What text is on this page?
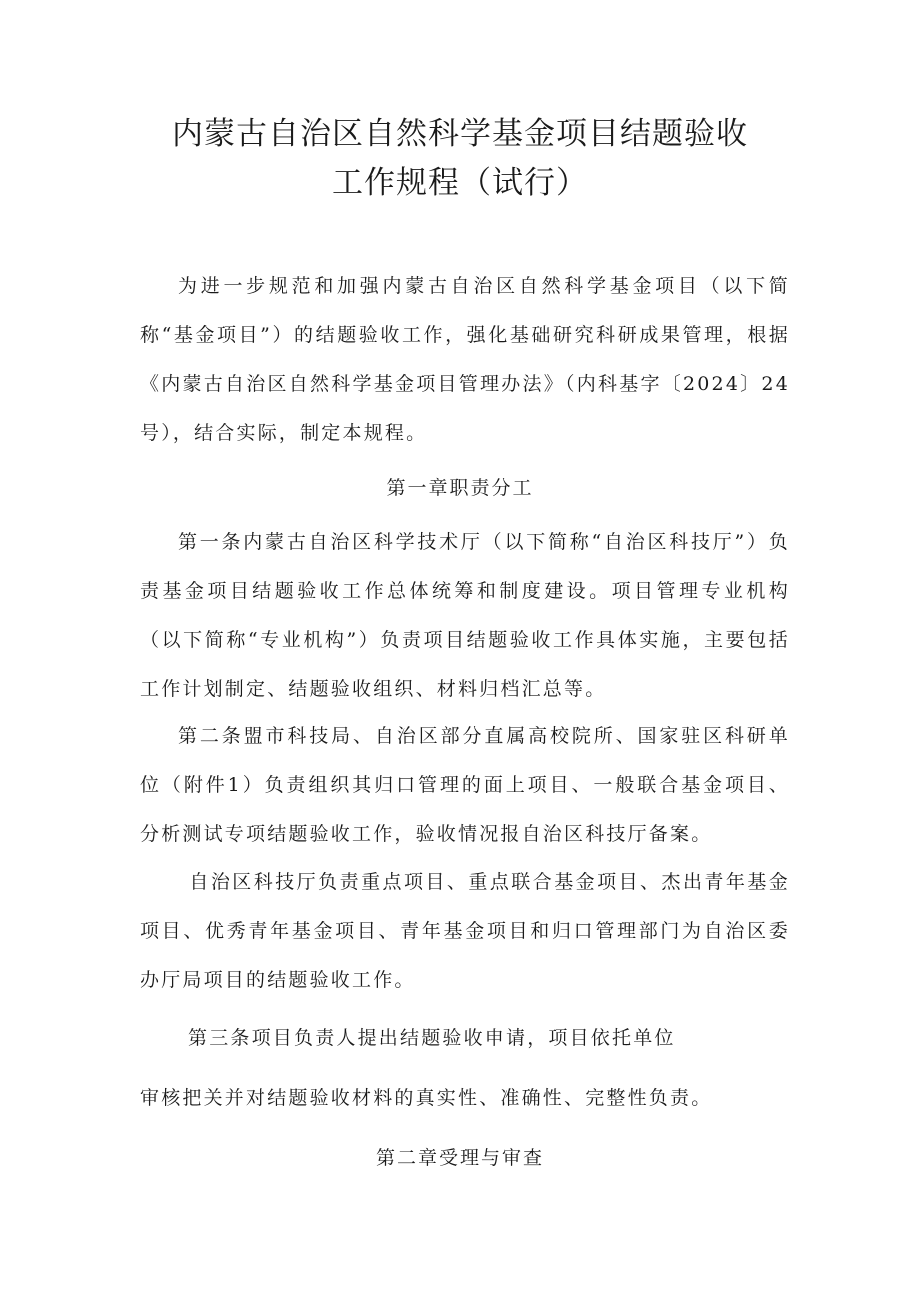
内蒙古自治区自然科学基金项目结题验收
工作规程（试行）

为进一步规范和加强内蒙古自治区自然科学基金项目（以下简称“基金项目”）的结题验收工作，强化基础研究科研成果管理，根据《内蒙古自治区自然科学基金项目管理办法》（内科基字〔2024〕24号），结合实际，制定本规程。

第一章职责分工

第一条内蒙古自治区科学技术厅（以下简称“自治区科技厅”）负责基金项目结题验收工作总体统筹和制度建设。项目管理专业机构（以下简称“专业机构”）负责项目结题验收工作具体实施，主要包括工作计划制定、结题验收组织、材料归档汇总等。

第二条盟市科技局、自治区部分直属高校院所、国家驻区科研单位（附件1）负责组织其归口管理的面上项目、一般联合基金项目、分析测试专项结题验收工作，验收情况报自治区科技厅备案。

自治区科技厅负责重点项目、重点联合基金项目、杰出青年基金项目、优秀青年基金项目、青年基金项目和归口管理部门为自治区委办厅局项目的结题验收工作。

第三条项目负责人提出结题验收申请，项目依托单位
审核把关并对结题验收材料的真实性、准确性、完整性负责。
第二章受理与审查
